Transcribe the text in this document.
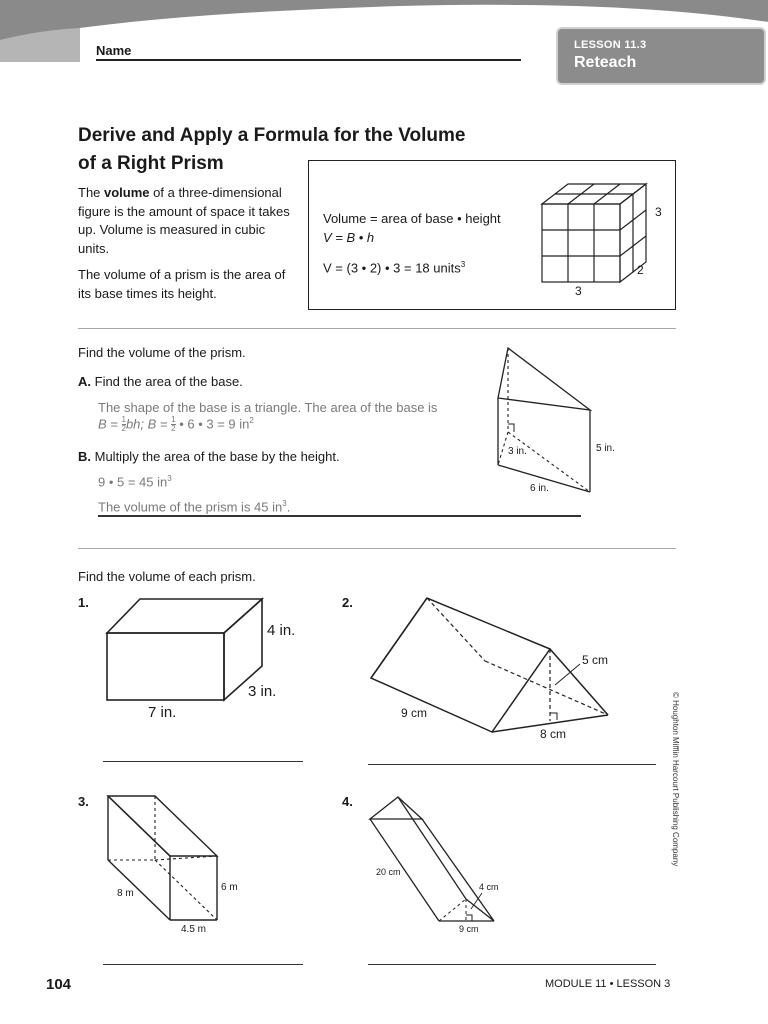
Name	LESSON 11.3
Reteach
Derive and Apply a Formula for the Volume
of a Right Prism

The volume of a three-dimensional figure is the amount of space it takes up. Volume is measured in cubic units.

The volume of a prism is the area of its base times its height.

Volume = area of base • height
V = B • h
V = (3 • 2) • 3 = 18 units$^3$
3
2
3
Find the volume of the prism.
A. Find the area of the base.
The shape of the base is a triangle. The area of the base is
$B = \frac{1}{2}$ bh; $B = \frac{1}{2}$ • 6 • 3 = 9 $in^2$
B. Multiply the area of the base by the height.
9 • 5 = 45 $in^3$
The volume of the prism is 45 $in^3$.
3 in.
6 in.
5 in.
Find the volume of each prism.
1.
4 in.
3 in.
7 in.
2.
5 cm
9 cm
8 cm
3.
6 m
8 m
4.5 m
4.
20 cm
4 cm
9 cm
© Houghton Mifflin Harcourt Publishing Company
104	MODULE 11 • LESSON 3
